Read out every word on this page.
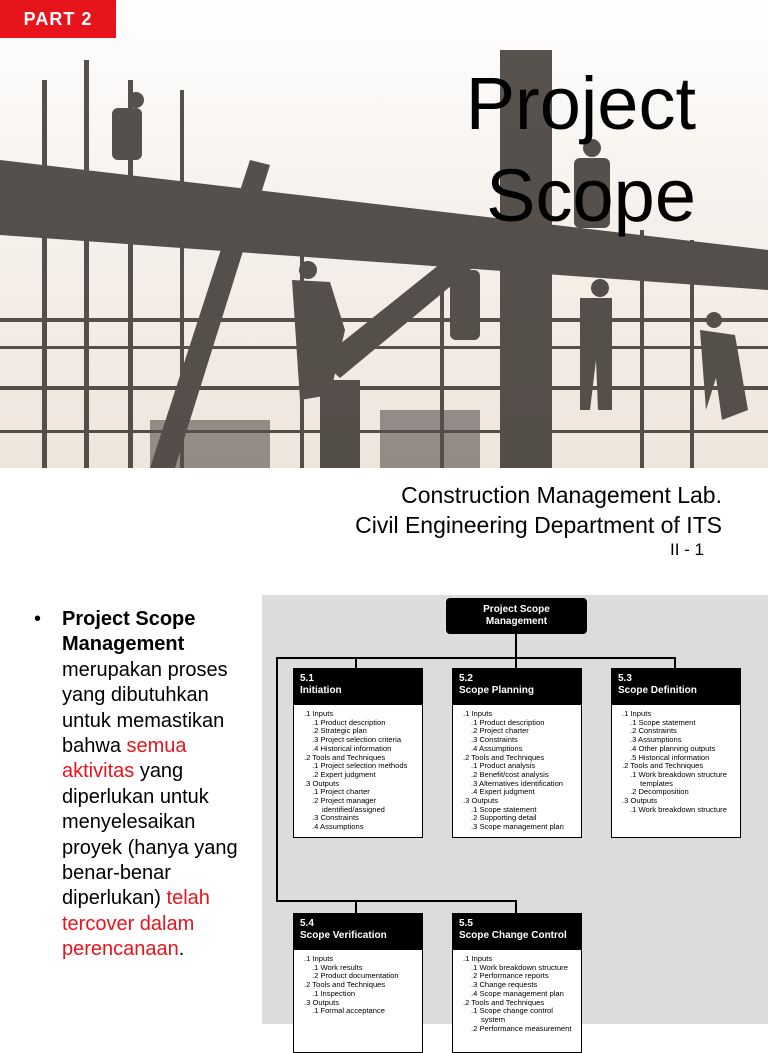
PART 2
Project
Scope
Construction Management Lab.
Civil Engineering Department of ITS
II - 1
• Project Scope Management merupakan proses yang dibutuhkan untuk memastikan bahwa semua aktivitas yang diperlukan untuk menyelesaikan proyek (hanya yang benar-benar diperlukan) telah tercover dalam perencanaan.
Project Scope
Management
5.1
Initiation
.1 Inputs
.1 Product description
.2 Strategic plan
.3 Project selection criteria
.4 Historical information
.2 Tools and Techniques
.1 Project selection methods
.2 Expert judgment
.3 Outputs
.1 Project charter
.2 Project manager
identified/assigned
.3 Constraints
.4 Assumptions
5.2
Scope Planning
.1 Inputs
.1 Product description
.2 Project charter
.3 Constraints
.4 Assumptions
.2 Tools and Techniques
.1 Product analysis
.2 Benefit/cost analysis
.3 Alternatives identification
.4 Expert judgment
.3 Outputs
.1 Scope statement
.2 Supporting detail
.3 Scope management plan
5.3
Scope Definition
.1 Inputs
.1 Scope statement
.2 Constraints
.3 Assumptions
.4 Other planning outputs
.5 Historical information
.2 Tools and Techniques
.1 Work breakdown structure
templates
.2 Decomposition
.3 Outputs
.1 Work breakdown structure
5.4
Scope Verification
.1 Inputs
.1 Work results
.2 Product documentation
.2 Tools and Techniques
.1 Inspection
.3 Outputs
.1 Formal acceptance
5.5
Scope Change Control
.1 Inputs
.1 Work breakdown structure
.2 Performance reports
.3 Change requests
.4 Scope management plan
.2 Tools and Techniques
.1 Scope change control
system
.2 Performance measurement
